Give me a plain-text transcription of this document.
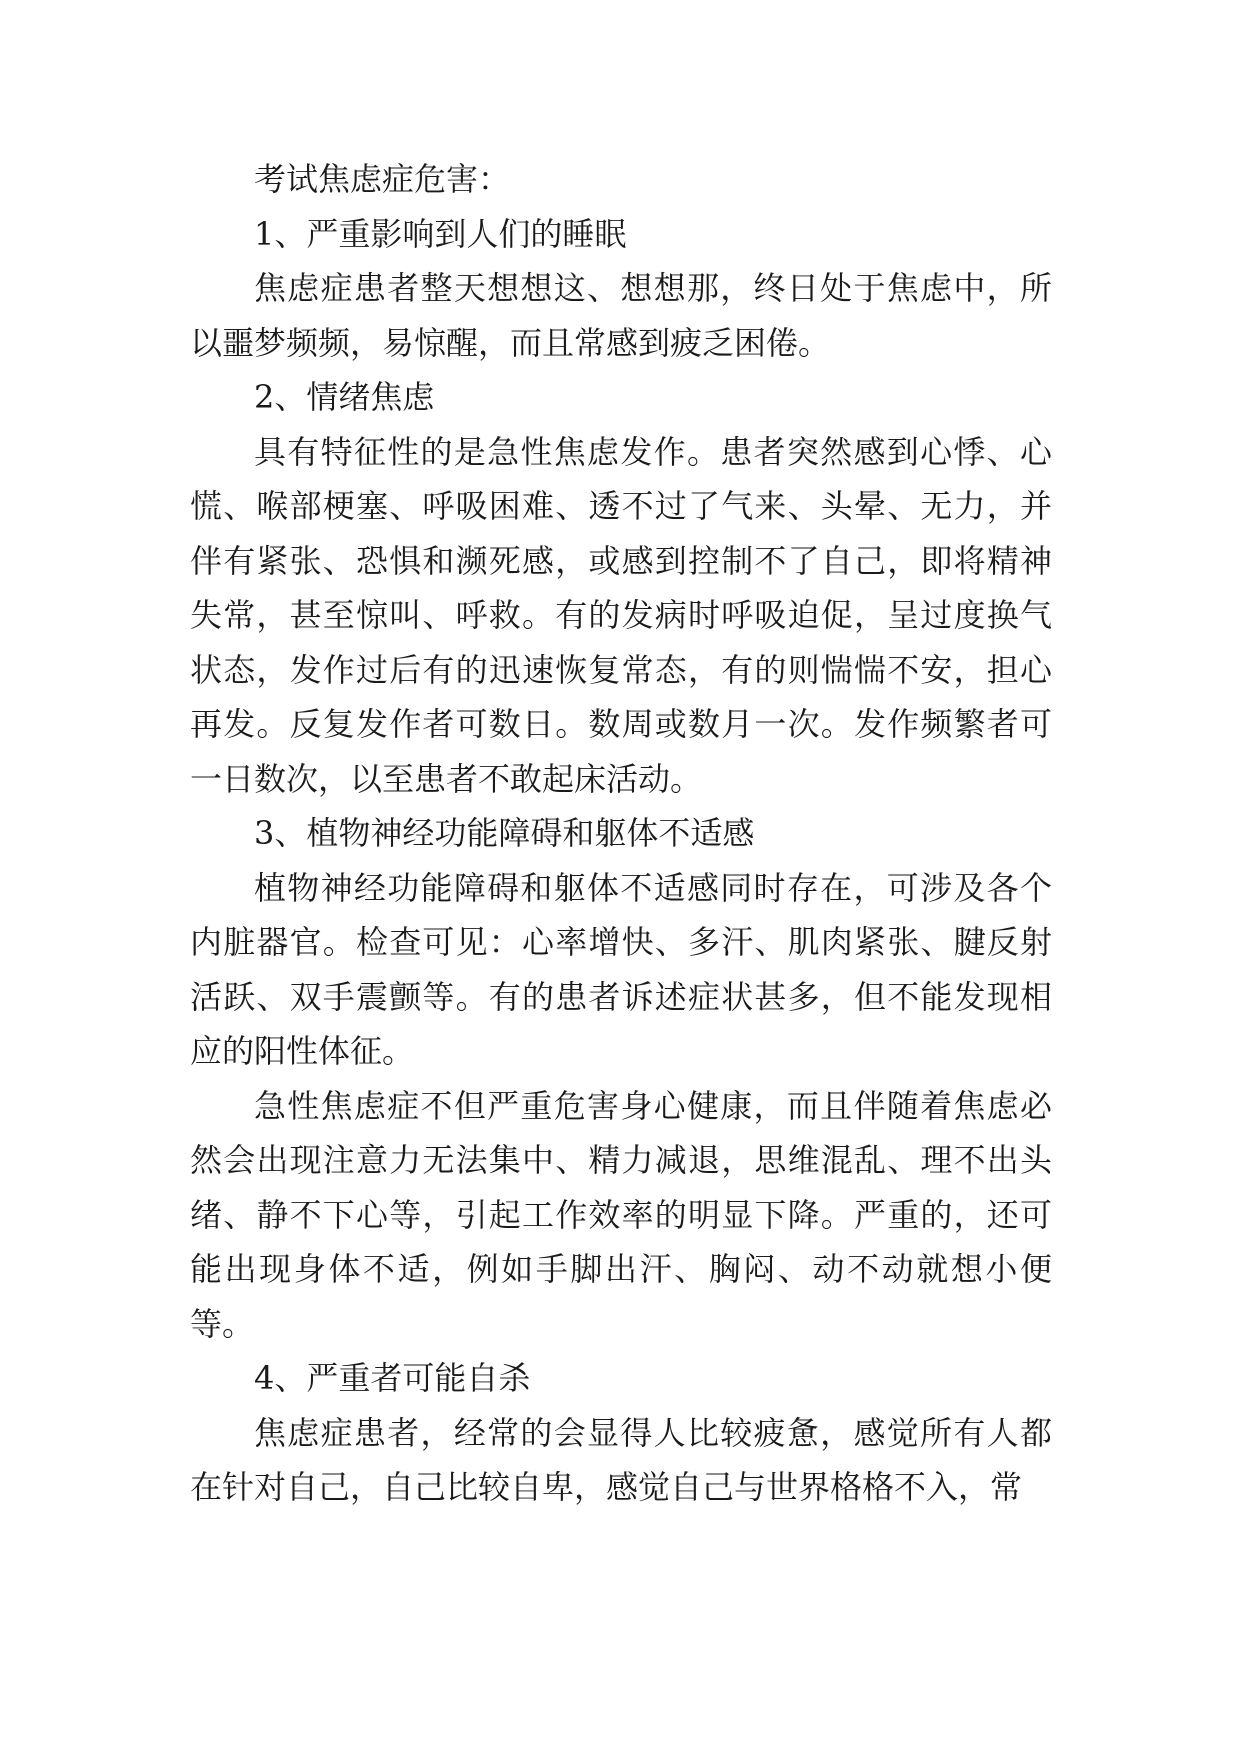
考试焦虑症危害：

1、严重影响到人们的睡眠

焦虑症患者整天想想这、想想那，终日处于焦虑中，所以噩梦频频，易惊醒，而且常感到疲乏困倦。

2、情绪焦虑

具有特征性的是急性焦虑发作。患者突然感到心悸、心慌、喉部梗塞、呼吸困难、透不过了气来、头晕、无力，并伴有紧张、恐惧和濒死感，或感到控制不了自己，即将精神失常，甚至惊叫、呼救。有的发病时呼吸迫促，呈过度换气状态，发作过后有的迅速恢复常态，有的则惴惴不安，担心再发。反复发作者可数日。数周或数月一次。发作频繁者可一日数次，以至患者不敢起床活动。

3、植物神经功能障碍和躯体不适感

植物神经功能障碍和躯体不适感同时存在，可涉及各个内脏器官。检查可见：心率增快、多汗、肌肉紧张、腱反射活跃、双手震颤等。有的患者诉述症状甚多，但不能发现相应的阳性体征。

急性焦虑症不但严重危害身心健康，而且伴随着焦虑必然会出现注意力无法集中、精力减退，思维混乱、理不出头绪、静不下心等，引起工作效率的明显下降。严重的，还可能出现身体不适，例如手脚出汗、胸闷、动不动就想小便等。

4、严重者可能自杀

焦虑症患者，经常的会显得人比较疲惫，感觉所有人都在针对自己，自己比较自卑，感觉自己与世界格格不入，常
